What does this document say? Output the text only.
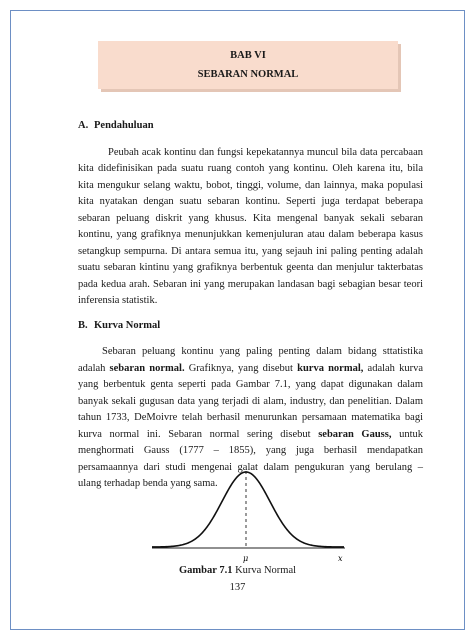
BAB VI
SEBARAN NORMAL

A. Pendahuluan

Peubah acak kontinu dan fungsi kepekatannya muncul bila data percabaan kita didefinisikan pada suatu ruang contoh yang kontinu. Oleh karena itu, bila kita mengukur selang waktu, bobot, tinggi, volume, dan lainnya, maka populasi kita nyatakan dengan suatu sebaran kontinu. Seperti juga terdapat beberapa sebaran peluang diskrit yang khusus. Kita mengenal banyak sekali sebaran kontinu, yang grafiknya menunjukkan kemenjuluran atau dalam beberapa kasus setangkup sempurna. Di antara semua itu, yang sejauh ini paling penting adalah suatu sebaran kintinu yang grafiknya berbentuk geenta dan menjulur takterbatas pada kedua arah. Sebaran ini yang merupakan landasan bagi sebagian besar teori inferensia statistik.

B. Kurva Normal

Sebaran peluang kontinu yang paling penting dalam bidang sttatistika adalah sebaran normal. Grafiknya, yang disebut kurva normal, adalah kurva yang berbentuk genta seperti pada Gambar 7.1, yang dapat digunakan dalam banyak sekali gugusan data yang terjadi di alam, industry, dan penelitian. Dalam tahun 1733, DeMoivre telah berhasil menurunkan persamaan matematika bagi kurva normal ini. Sebaran normal sering disebut sebaran Gauss, untuk menghormati Gauss (1777 – 1855), yang juga berhasil mendapatkan persamaannya dari studi mengenai galat dalam pengukuran yang berulang – ulang terhadap benda yang sama.

μ	x
Gambar 7.1 Kurva Normal
137
